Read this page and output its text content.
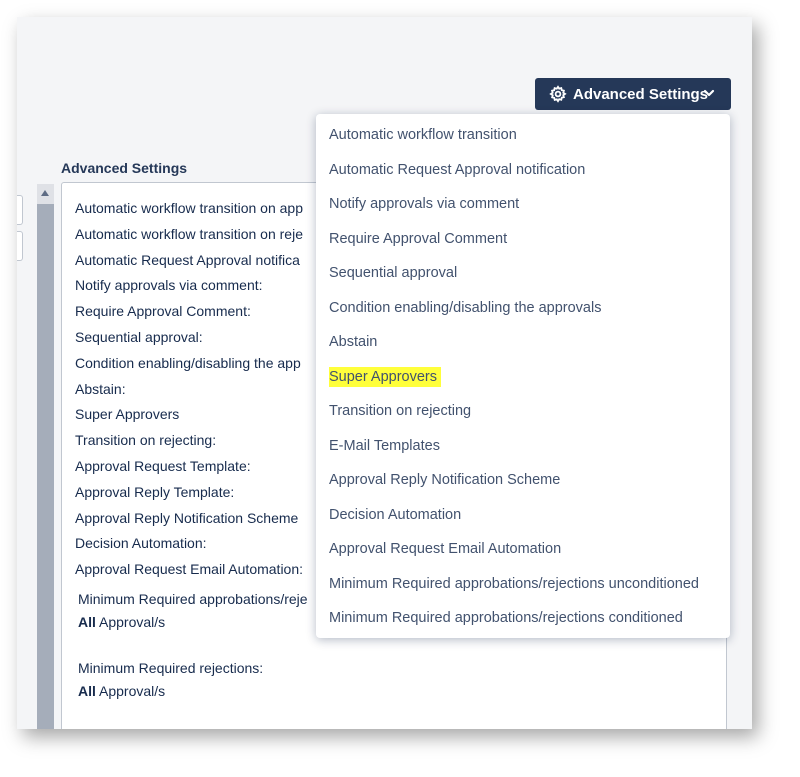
Advanced Settings
Advanced Settings
Automatic workflow transition on app
Automatic workflow transition on reje
Automatic Request Approval notifica
Notify approvals via comment:
Require Approval Comment:
Sequential approval:
Condition enabling/disabling the app
Abstain:
Super Approvers
Transition on rejecting:
Approval Request Template:
Approval Reply Template:
Approval Reply Notification Scheme
Decision Automation:
Approval Request Email Automation:
Minimum Required approbations/reje
All Approval/s
Minimum Required rejections:
All Approval/s
Automatic workflow transition
Automatic Request Approval notification
Notify approvals via comment
Require Approval Comment
Sequential approval
Condition enabling/disabling the approvals
Abstain
Super Approvers
Transition on rejecting
E-Mail Templates
Approval Reply Notification Scheme
Decision Automation
Approval Request Email Automation
Minimum Required approbations/rejections unconditioned
Minimum Required approbations/rejections conditioned
